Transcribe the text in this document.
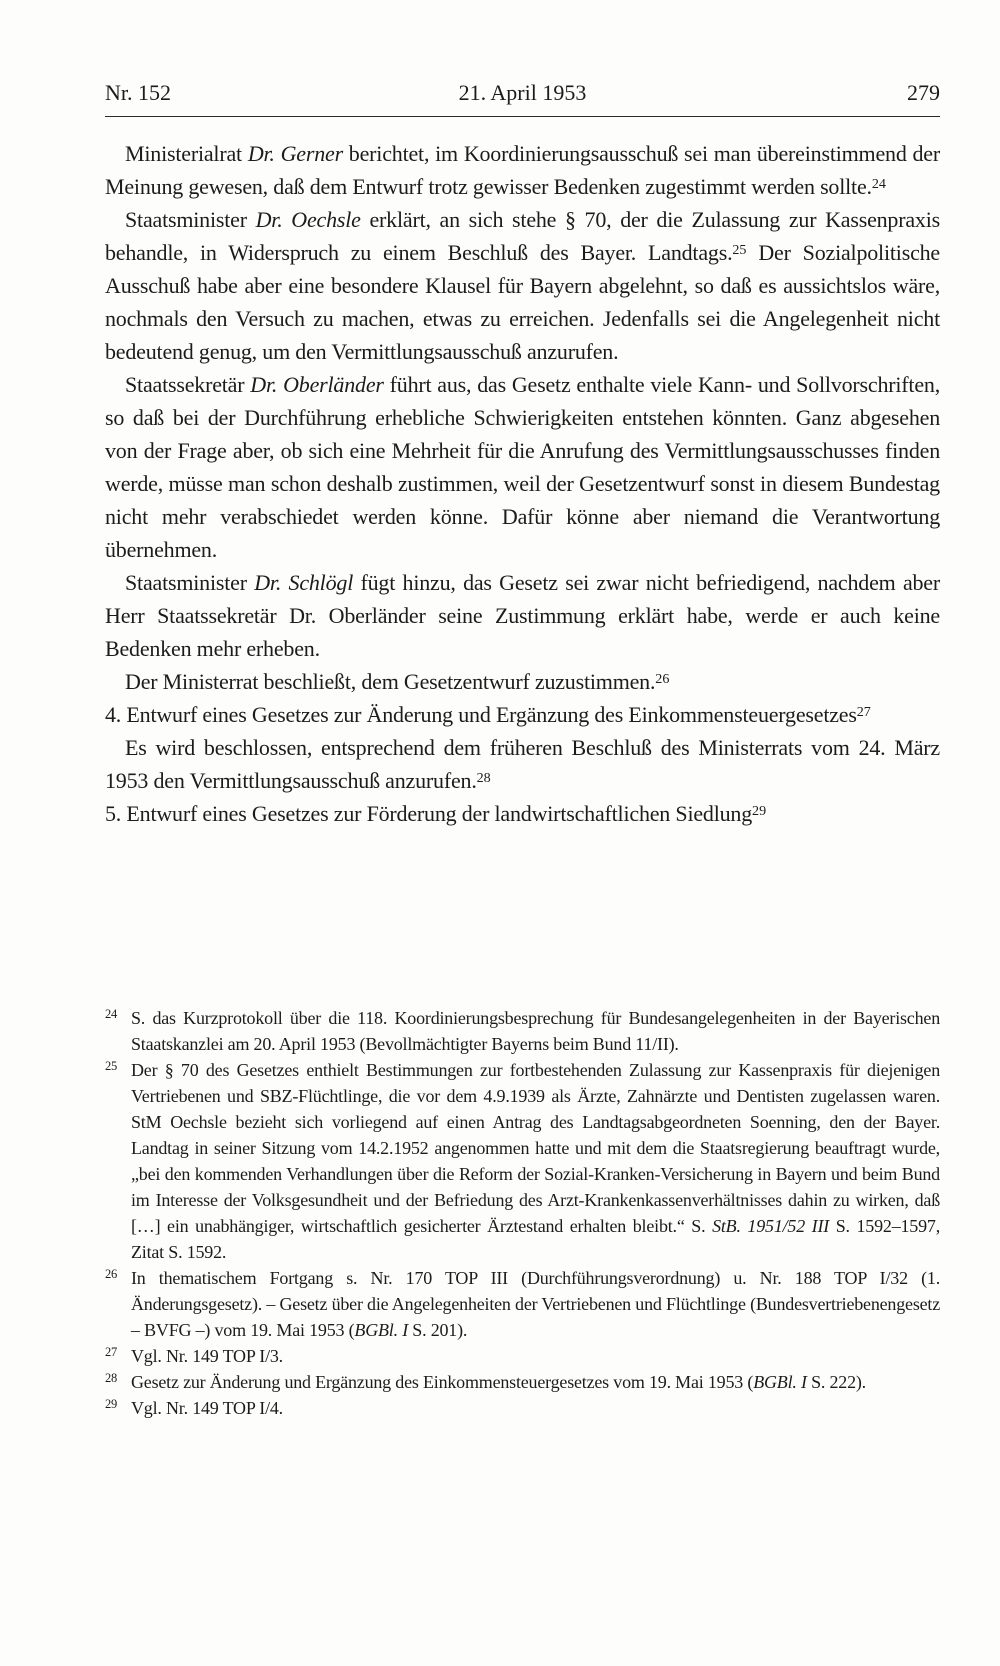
Nr. 152	21. April 1953	279

Ministerialrat Dr. Gerner berichtet, im Koordinierungsausschuß sei man übereinstimmend der Meinung gewesen, daß dem Entwurf trotz gewisser Bedenken zugestimmt werden sollte.$^{24}$

Staatsminister Dr. Oechsle erklärt, an sich stehe § 70, der die Zulassung zur Kassenpraxis behandle, in Widerspruch zu einem Beschluß des Bayer. Landtags.$^{25}$ Der Sozialpolitische Ausschuß habe aber eine besondere Klausel für Bayern abgelehnt, so daß es aussichtslos wäre, nochmals den Versuch zu machen, etwas zu erreichen. Jedenfalls sei die Angelegenheit nicht bedeutend genug, um den Vermittlungsausschuß anzurufen.

Staatssekretär Dr. Oberländer führt aus, das Gesetz enthalte viele Kann- und Sollvorschriften, so daß bei der Durchführung erhebliche Schwierigkeiten entstehen könnten. Ganz abgesehen von der Frage aber, ob sich eine Mehrheit für die Anrufung des Vermittlungsausschusses finden werde, müsse man schon deshalb zustimmen, weil der Gesetzentwurf sonst in diesem Bundestag nicht mehr verabschiedet werden könne. Dafür könne aber niemand die Verantwortung übernehmen.

Staatsminister Dr. Schlögl fügt hinzu, das Gesetz sei zwar nicht befriedigend, nachdem aber Herr Staatssekretär Dr. Oberländer seine Zustimmung erklärt habe, werde er auch keine Bedenken mehr erheben.

Der Ministerrat beschließt, dem Gesetzentwurf zuzustimmen.$^{26}$

4. Entwurf eines Gesetzes zur Änderung und Ergänzung des Einkommensteuergesetzes$^{27}$

Es wird beschlossen, entsprechend dem früheren Beschluß des Ministerrats vom 24. März 1953 den Vermittlungsausschuß anzurufen.$^{28}$

5. Entwurf eines Gesetzes zur Förderung der landwirtschaftlichen Siedlung$^{29}$

24 S. das Kurzprotokoll über die 118. Koordinierungsbesprechung für Bundesangelegenheiten in der Bayerischen Staatskanzlei am 20. April 1953 (Bevollmächtigter Bayerns beim Bund 11/II).
25 Der § 70 des Gesetzes enthielt Bestimmungen zur fortbestehenden Zulassung zur Kassenpraxis für diejenigen Vertriebenen und SBZ-Flüchtlinge, die vor dem 4.9.1939 als Ärzte, Zahnärzte und Dentisten zugelassen waren. StM Oechsle bezieht sich vorliegend auf einen Antrag des Landtagsabgeordneten Soenning, den der Bayer. Landtag in seiner Sitzung vom 14.2.1952 angenommen hatte und mit dem die Staatsregierung beauftragt wurde, „bei den kommenden Verhandlungen über die Reform der Sozial-Kranken-Versicherung in Bayern und beim Bund im Interesse der Volksgesundheit und der Befriedung des Arzt-Krankenkassenverhältnisses dahin zu wirken, daß […] ein unabhängiger, wirtschaftlich gesicherter Ärztestand erhalten bleibt.“ S. StB. 1951/52 III S. 1592–1597, Zitat S. 1592.
26 In thematischem Fortgang s. Nr. 170 TOP III (Durchführungsverordnung) u. Nr. 188 TOP I/32 (1. Änderungsgesetz). – Gesetz über die Angelegenheiten der Vertriebenen und Flüchtlinge (Bundesvertriebenengesetz – BVFG –) vom 19. Mai 1953 (BGBl. I S. 201).
27 Vgl. Nr. 149 TOP I/3.
28 Gesetz zur Änderung und Ergänzung des Einkommensteuergesetzes vom 19. Mai 1953 (BGBl. I S. 222).
29 Vgl. Nr. 149 TOP I/4.
